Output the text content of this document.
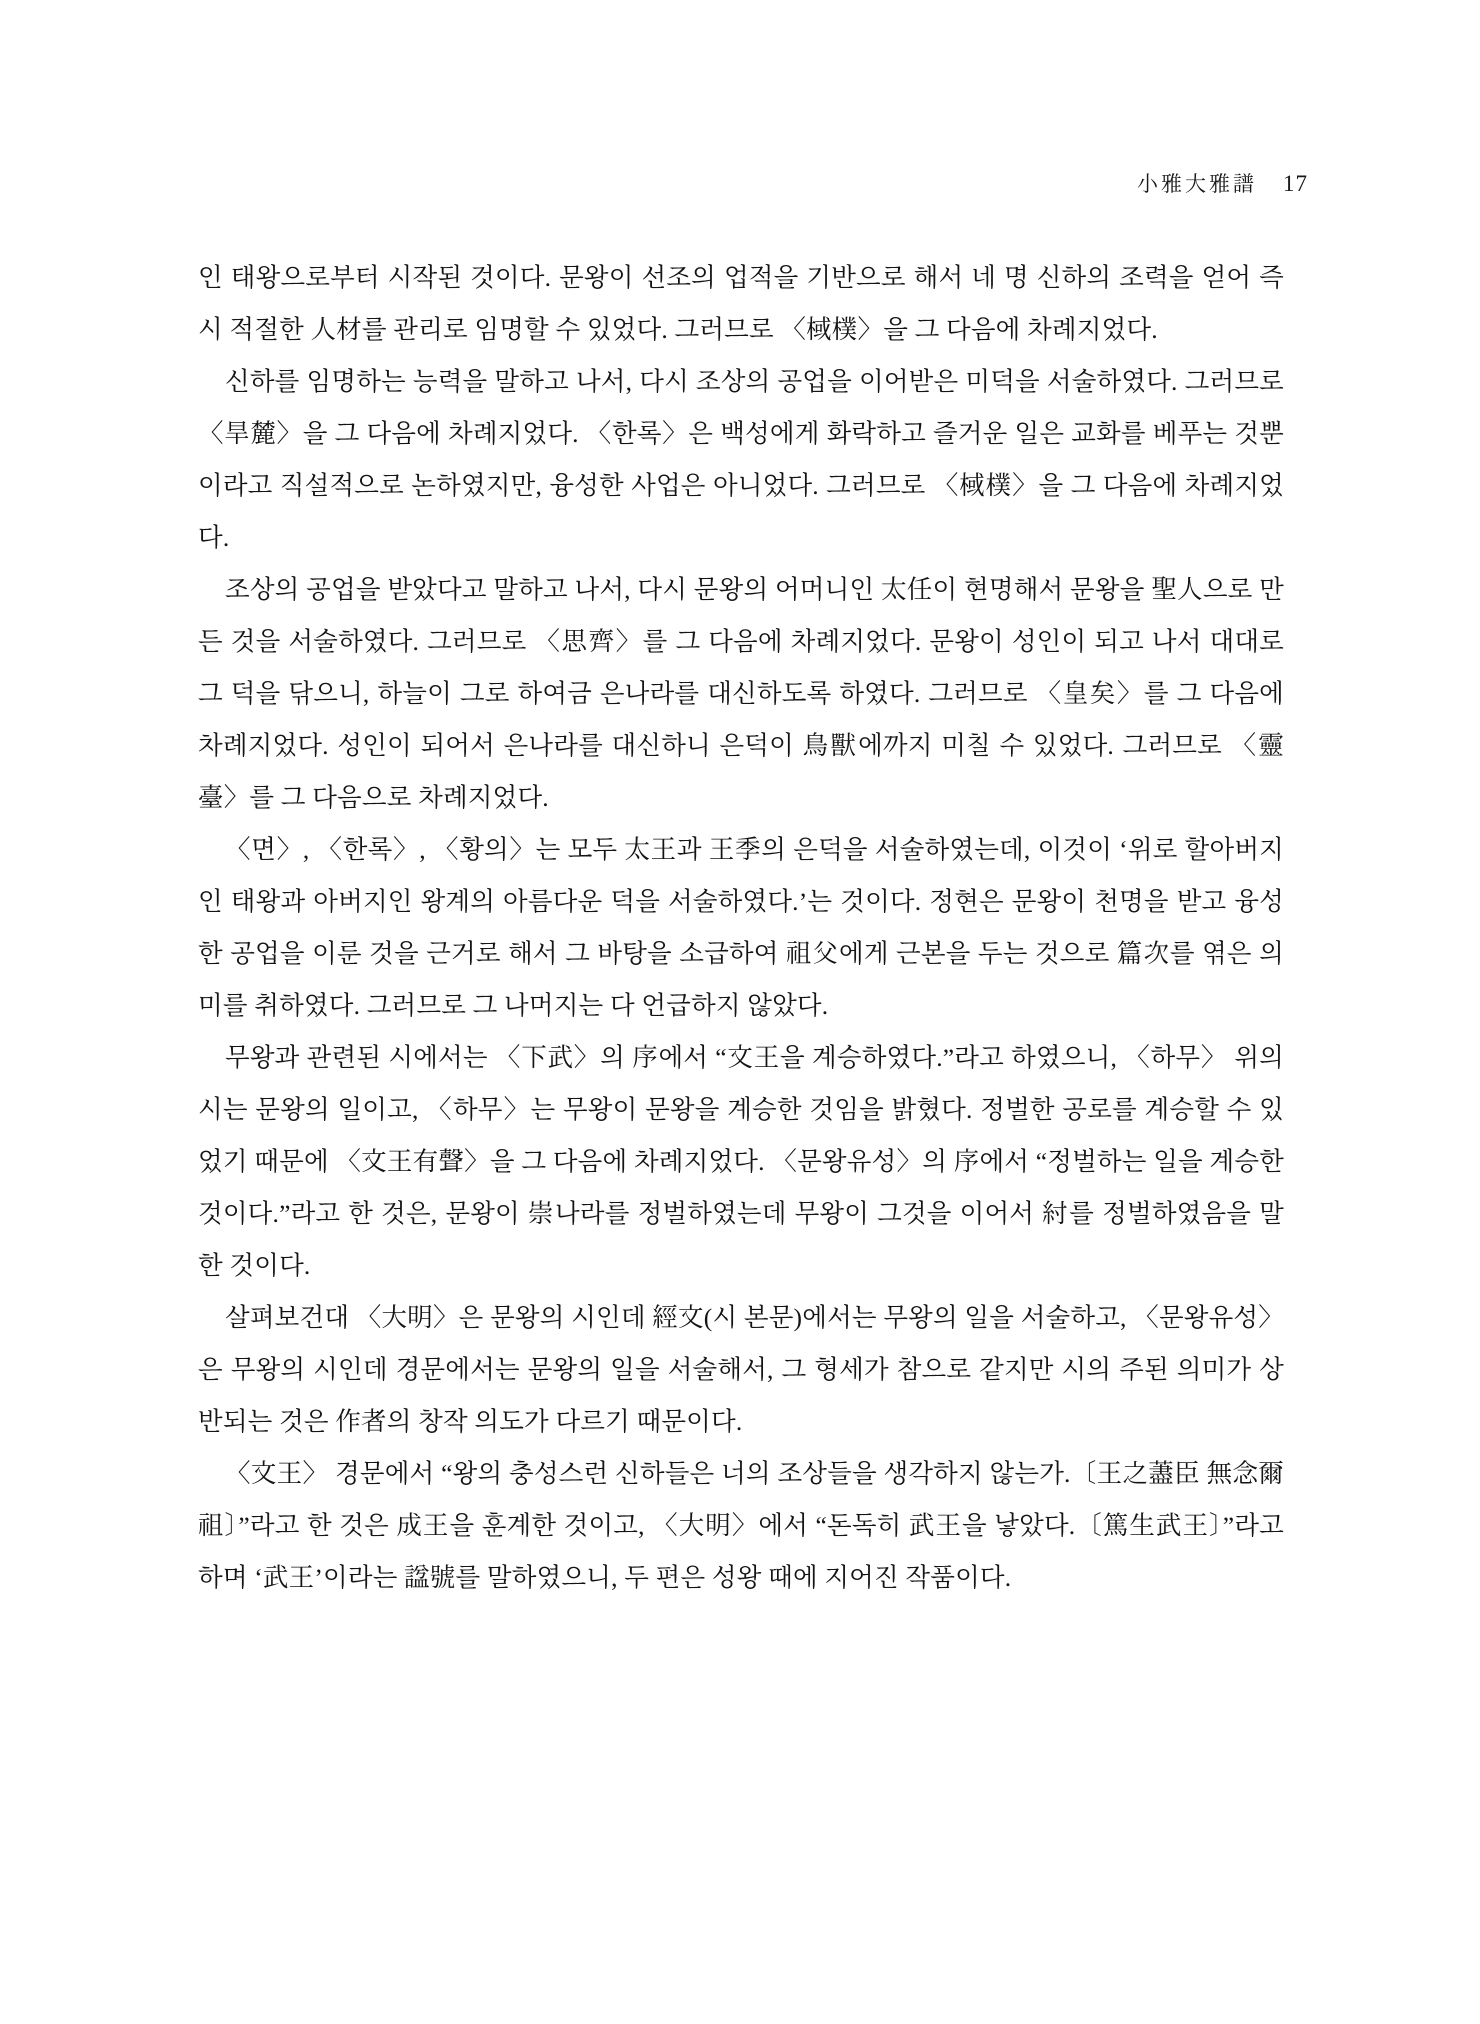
小雅大雅譜 17

인 태왕으로부터 시작된 것이다. 문왕이 선조의 업적을 기반으로 해서 네 명 신하의 조력을 얻어 즉시 적절한 人材를 관리로 임명할 수 있었다. 그러므로 〈棫樸〉을 그 다음에 차례지었다.

신하를 임명하는 능력을 말하고 나서, 다시 조상의 공업을 이어받은 미덕을 서술하였다. 그러므로 〈旱麓〉을 그 다음에 차례지었다. 〈한록〉은 백성에게 화락하고 즐거운 일은 교화를 베푸는 것뿐이라고 직설적으로 논하였지만, 융성한 사업은 아니었다. 그러므로 〈棫樸〉을 그 다음에 차례지었다.

조상의 공업을 받았다고 말하고 나서, 다시 문왕의 어머니인 太任이 현명해서 문왕을 聖人으로 만든 것을 서술하였다. 그러므로 〈思齊〉를 그 다음에 차례지었다. 문왕이 성인이 되고 나서 대대로 그 덕을 닦으니, 하늘이 그로 하여금 은나라를 대신하도록 하였다. 그러므로 〈皇矣〉를 그 다음에 차례지었다. 성인이 되어서 은나라를 대신하니 은덕이 鳥獸에까지 미칠 수 있었다. 그러므로 〈靈臺〉를 그 다음으로 차례지었다.

〈면〉, 〈한록〉, 〈황의〉는 모두 太王과 王季의 은덕을 서술하였는데, 이것이 ‘위로 할아버지인 태왕과 아버지인 왕계의 아름다운 덕을 서술하였다.’는 것이다. 정현은 문왕이 천명을 받고 융성한 공업을 이룬 것을 근거로 해서 그 바탕을 소급하여 祖父에게 근본을 두는 것으로 篇次를 엮은 의미를 취하였다. 그러므로 그 나머지는 다 언급하지 않았다.

무왕과 관련된 시에서는 〈下武〉의 序에서 “文王을 계승하였다.”라고 하였으니, 〈하무〉 위의 시는 문왕의 일이고, 〈하무〉는 무왕이 문왕을 계승한 것임을 밝혔다. 정벌한 공로를 계승할 수 있었기 때문에 〈文王有聲〉을 그 다음에 차례지었다. 〈문왕유성〉의 序에서 “정벌하는 일을 계승한 것이다.”라고 한 것은, 문왕이 崇나라를 정벌하였는데 무왕이 그것을 이어서 紂를 정벌하였음을 말한 것이다.

살펴보건대 〈大明〉은 문왕의 시인데 經文(시 본문)에서는 무왕의 일을 서술하고, 〈문왕유성〉은 무왕의 시인데 경문에서는 문왕의 일을 서술해서, 그 형세가 참으로 같지만 시의 주된 의미가 상반되는 것은 作者의 창작 의도가 다르기 때문이다.

〈文王〉 경문에서 “왕의 충성스런 신하들은 너의 조상들을 생각하지 않는가.〔王之藎臣 無念爾祖〕”라고 한 것은 成王을 훈계한 것이고, 〈大明〉에서 “돈독히 武王을 낳았다.〔篤生武王〕”라고 하며 ‘武王’이라는 諡號를 말하였으니, 두 편은 성왕 때에 지어진 작품이다.
